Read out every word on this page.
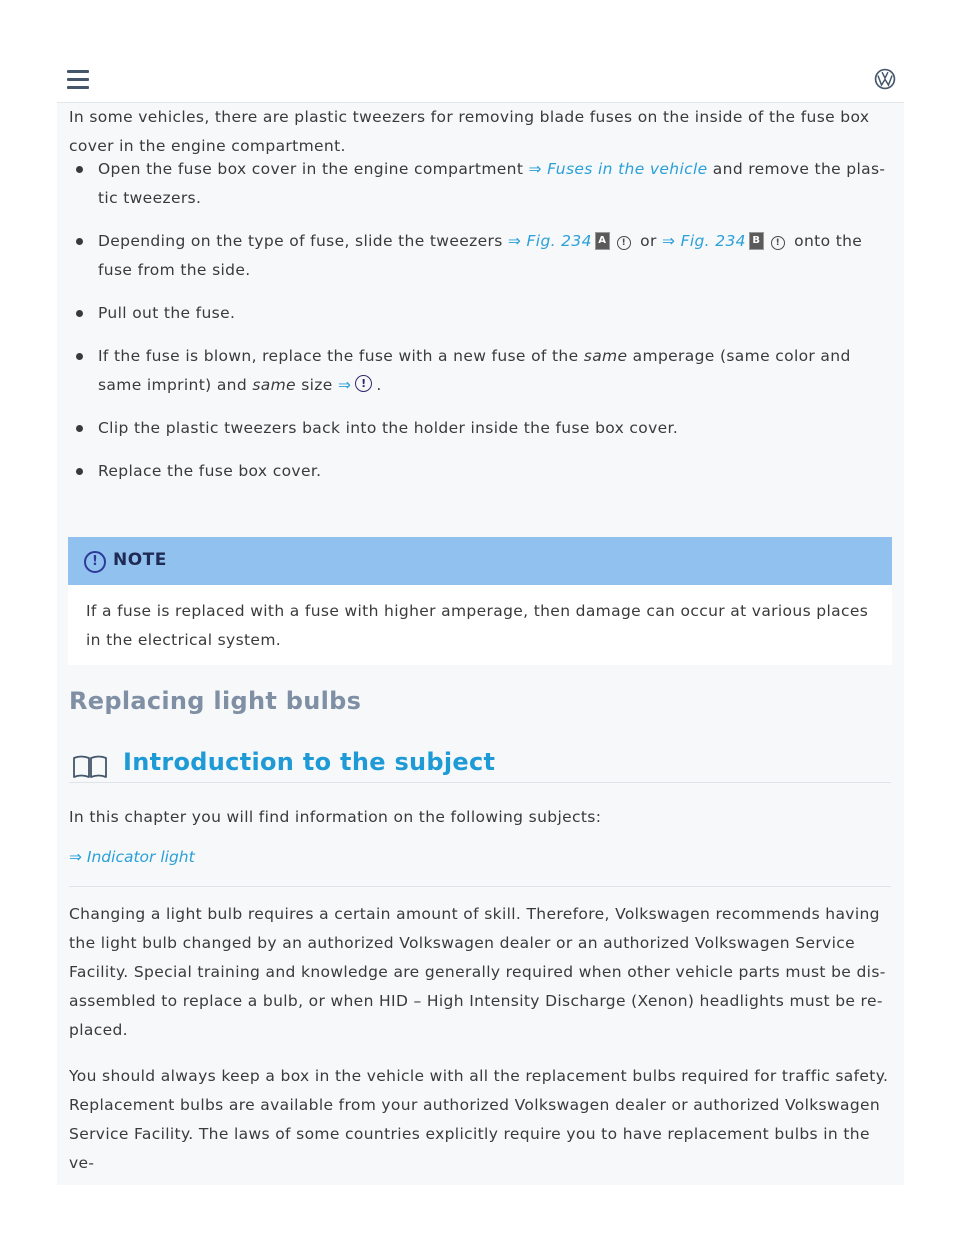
In some vehicles, there are plastic tweezers for removing blade fuses on the inside of the fuse box cover in the engine compartment.

Open the fuse box cover in the engine compartment ⇒ Fuses in the vehicle and remove the plas-tic tweezers.
Depending on the type of fuse, slide the tweezers ⇒ Fig. 234 A ! or ⇒ Fig. 234 B ! onto the fuse from the side.
Pull out the fuse.
If the fuse is blown, replace the fuse with a new fuse of the same amperage (same color and same imprint) and same size ⇒ ! .
Clip the plastic tweezers back into the holder inside the fuse box cover.
Replace the fuse box cover.
! NOTE

If a fuse is replaced with a fuse with higher amperage, then damage can occur at various places in the electrical system.

Replacing light bulbs
Introduction to the subject

In this chapter you will find information on the following subjects:

⇒ Indicator light

Changing a light bulb requires a certain amount of skill. Therefore, Volkswagen recommends having the light bulb changed by an authorized Volkswagen dealer or an authorized Volkswagen Service Facility. Special training and knowledge are generally required when other vehicle parts must be dis-assembled to replace a bulb, or when HID – High Intensity Discharge (Xenon) headlights must be re-placed.

You should always keep a box in the vehicle with all the replacement bulbs required for traffic safety. Replacement bulbs are available from your authorized Volkswagen dealer or authorized Volkswagen Service Facility. The laws of some countries explicitly require you to have replacement bulbs in the ve-
